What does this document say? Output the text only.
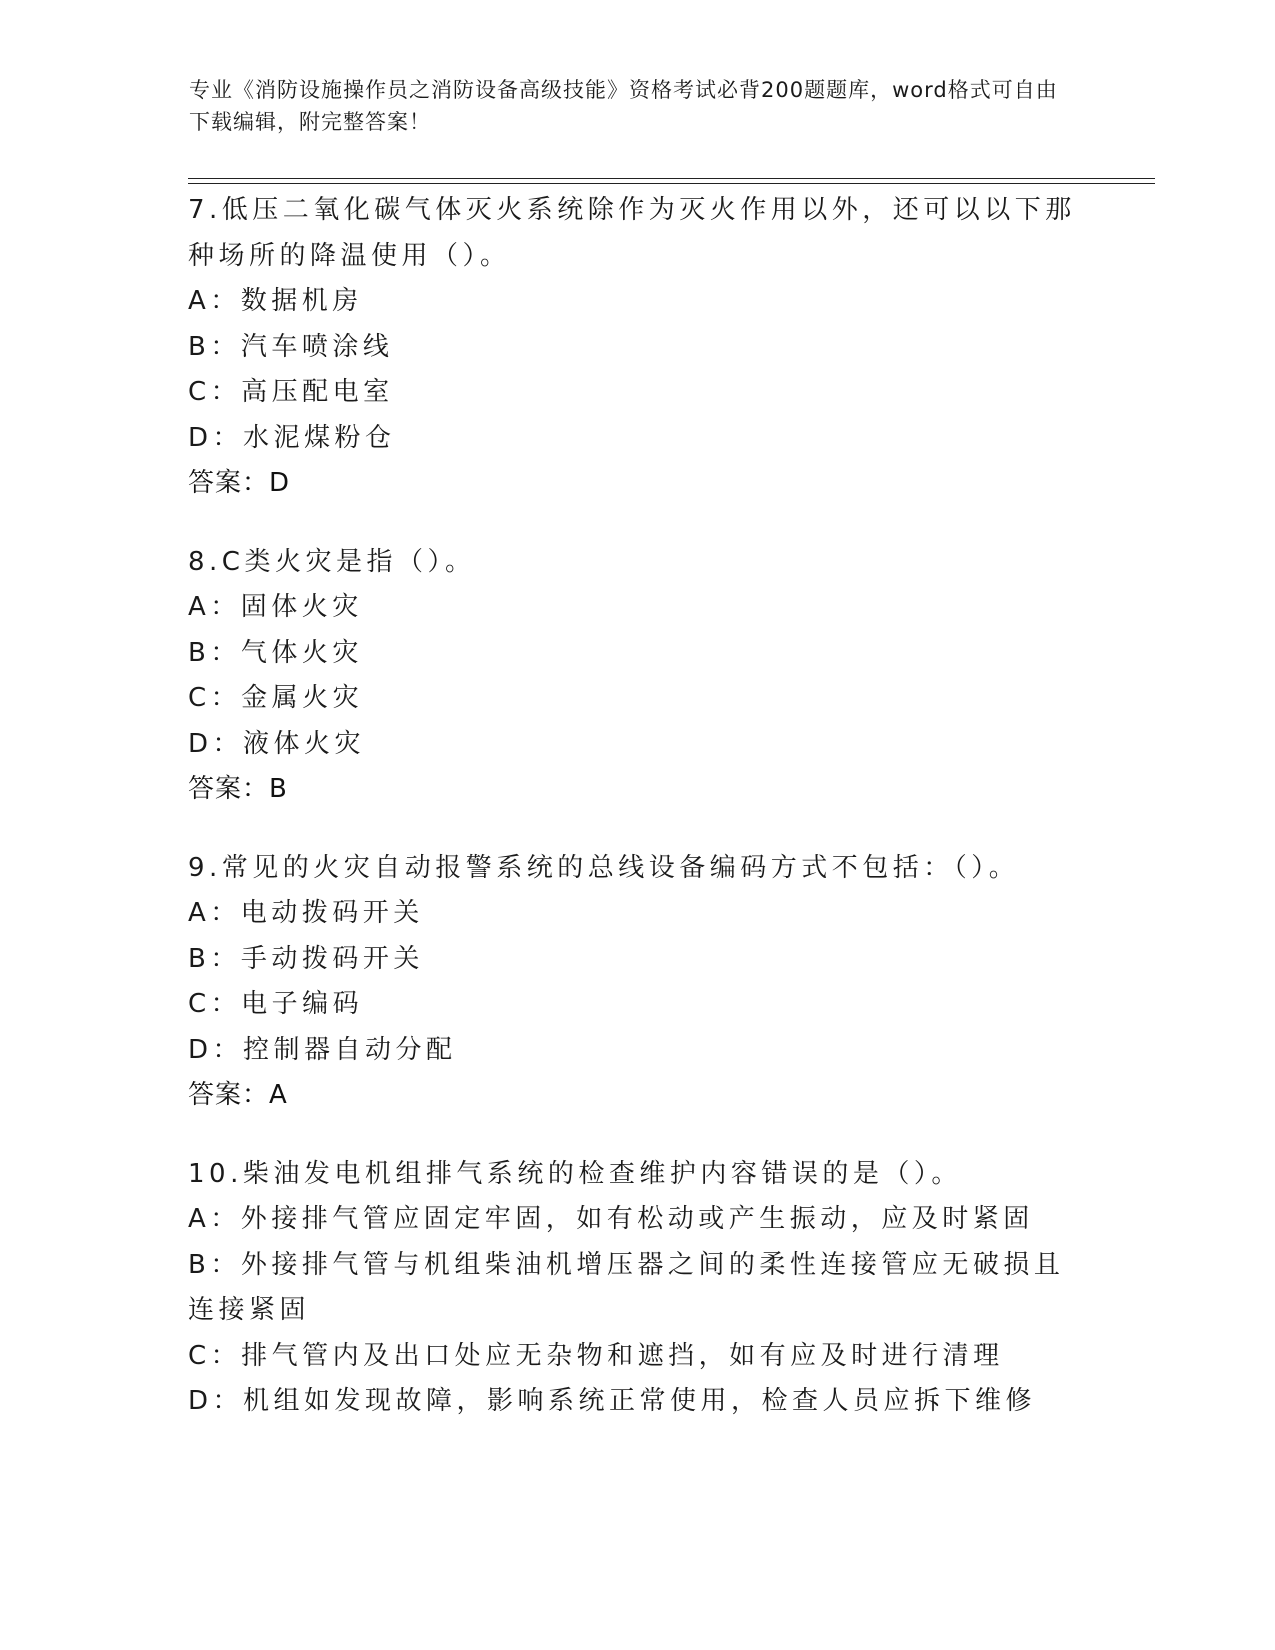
专业《消防设施操作员之消防设备高级技能》资格考试必背200题题库，word格式可自由下载编辑，附完整答案！

7.低压二氧化碳气体灭火系统除作为灭火作用以外，还可以以下那种场所的降温使用（）。

A：数据机房

B：汽车喷涂线

C：高压配电室

D：水泥煤粉仓

答案：D

8.C类火灾是指（）。

A：固体火灾

B：气体火灾

C：金属火灾

D：液体火灾

答案：B

9.常见的火灾自动报警系统的总线设备编码方式不包括：（）。

A：电动拨码开关

B：手动拨码开关

C：电子编码

D：控制器自动分配

答案：A

10.柴油发电机组排气系统的检查维护内容错误的是（）。

A：外接排气管应固定牢固，如有松动或产生振动，应及时紧固

B：外接排气管与机组柴油机增压器之间的柔性连接管应无破损且连接紧固

C：排气管内及出口处应无杂物和遮挡，如有应及时进行清理

D：机组如发现故障，影响系统正常使用，检查人员应拆下维修
